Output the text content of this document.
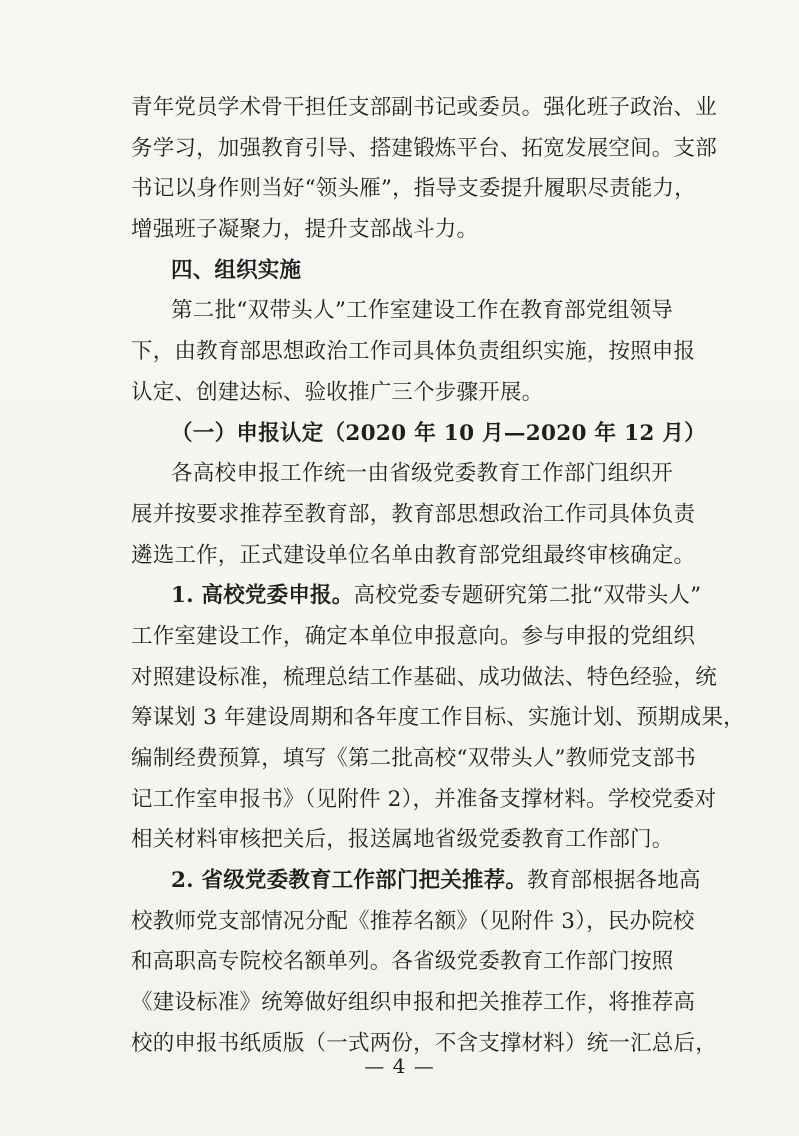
青年党员学术骨干担任支部副书记或委员。强化班子政治、业
务学习，加强教育引导、搭建锻炼平台、拓宽发展空间。支部
书记以身作则当好“领头雁”，指导支委提升履职尽责能力，
增强班子凝聚力，提升支部战斗力。
四、组织实施
第二批“双带头人”工作室建设工作在教育部党组领导
下，由教育部思想政治工作司具体负责组织实施，按照申报
认定、创建达标、验收推广三个步骤开展。
（一）申报认定（2020 年 10 月—2020 年 12 月）
各高校申报工作统一由省级党委教育工作部门组织开
展并按要求推荐至教育部，教育部思想政治工作司具体负责
遴选工作，正式建设单位名单由教育部党组最终审核确定。
1. 高校党委申报。高校党委专题研究第二批“双带头人”
工作室建设工作，确定本单位申报意向。参与申报的党组织
对照建设标准，梳理总结工作基础、成功做法、特色经验，统
筹谋划 3 年建设周期和各年度工作目标、实施计划、预期成果，
编制经费预算，填写《第二批高校“双带头人”教师党支部书
记工作室申报书》（见附件 2），并准备支撑材料。学校党委对
相关材料审核把关后，报送属地省级党委教育工作部门。
2. 省级党委教育工作部门把关推荐。教育部根据各地高
校教师党支部情况分配《推荐名额》（见附件 3），民办院校
和高职高专院校名额单列。各省级党委教育工作部门按照
《建设标准》统筹做好组织申报和把关推荐工作，将推荐高
校的申报书纸质版（一式两份，不含支撑材料）统一汇总后，
— 4 —
